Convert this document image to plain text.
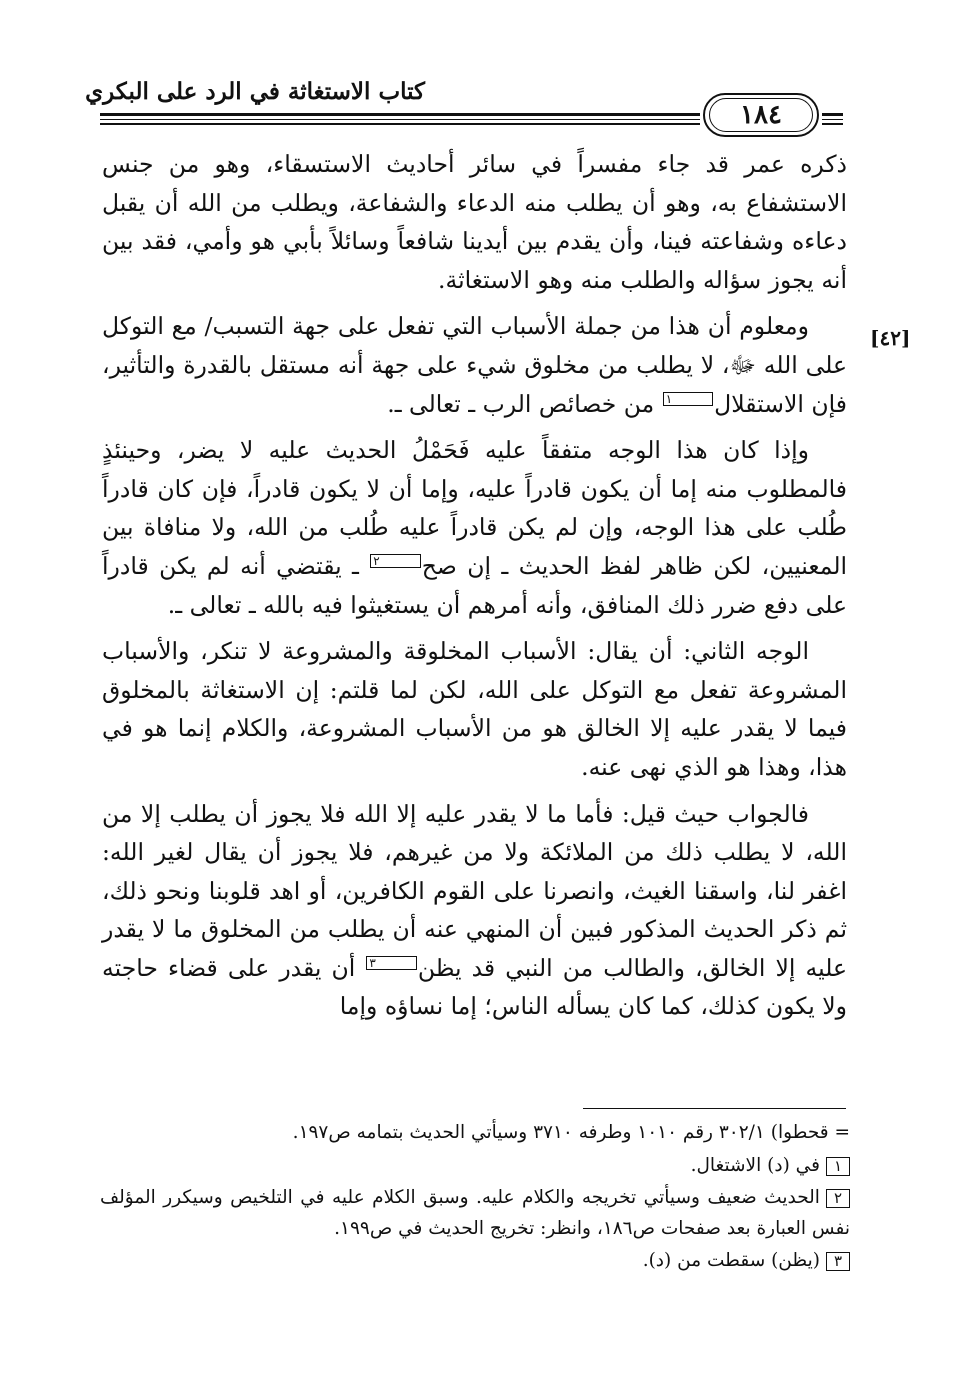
كتاب الاستغاثة في الرد على البكري
١٨٤
[٤٢]

ذكره عمر قد جاء مفسراً في سائر أحاديث الاستسقاء، وهو من جنس الاستشفاع به، وهو أن يطلب منه الدعاء والشفاعة، ويطلب من الله أن يقبل دعاءه وشفاعته فينا، وأن يقدم بين أيدينا شافعاً وسائلاً بأبي هو وأمي، فقد بين أنه يجوز سؤاله والطلب منه وهو الاستغاثة.

ومعلوم أن هذا من جملة الأسباب التي تفعل على جهة التسبب/ مع التوكل على الله ﷻ، لا يطلب من مخلوق شيء على جهة أنه مستقل بالقدرة والتأثير، فإن الاستقلال١ من خصائص الرب ـ تعالى ـ.

وإذا كان هذا الوجه متفقاً عليه فَحَمْلُ الحديث عليه لا يضر، وحينئذٍ فالمطلوب منه إما أن يكون قادراً عليه، وإما أن لا يكون قادراً، فإن كان قادراً طُلب على هذا الوجه، وإن لم يكن قادراً عليه طُلب من الله، ولا منافاة بين المعنيين، لكن ظاهر لفظ الحديث ـ إن صح٢ ـ يقتضي أنه لم يكن قادراً على دفع ضرر ذلك المنافق، وأنه أمرهم أن يستغيثوا فيه بالله ـ تعالى ـ.

الوجه الثاني: أن يقال: الأسباب المخلوقة والمشروعة لا تنكر، والأسباب المشروعة تفعل مع التوكل على الله، لكن لما قلتم: إن الاستغاثة بالمخلوق فيما لا يقدر عليه إلا الخالق هو من الأسباب المشروعة، والكلام إنما هو في هذا، وهذا هو الذي نهى عنه.

فالجواب حيث قيل: فأما ما لا يقدر عليه إلا الله فلا يجوز أن يطلب إلا من الله، لا يطلب ذلك من الملائكة ولا من غيرهم، فلا يجوز أن يقال لغير الله: اغفر لنا، واسقنا الغيث، وانصرنا على القوم الكافرين، أو اهد قلوبنا ونحو ذلك، ثم ذكر الحديث المذكور فبين أن المنهي عنه أن يطلب من المخلوق ما لا يقدر عليه إلا الخالق، والطالب من النبي قد يظن٣ أن يقدر على قضاء حاجته ولا يكون كذلك، كما كان يسأله الناس؛ إما نساؤه وإما

= قحطوا) ٣٠٢/١ رقم ١٠١٠ وطرفه ٣٧١٠ وسيأتي الحديث بتمامه ص١٩٧.

١في (د) الاشتغال.

٢الحديث ضعيف وسيأتي تخريجه والكلام عليه. وسبق الكلام عليه في التلخيص وسيكرر المؤلف نفس العبارة بعد صفحات ص١٨٦، وانظر: تخريج الحديث في ص١٩٩.

٣(يظن) سقطت من (د).
